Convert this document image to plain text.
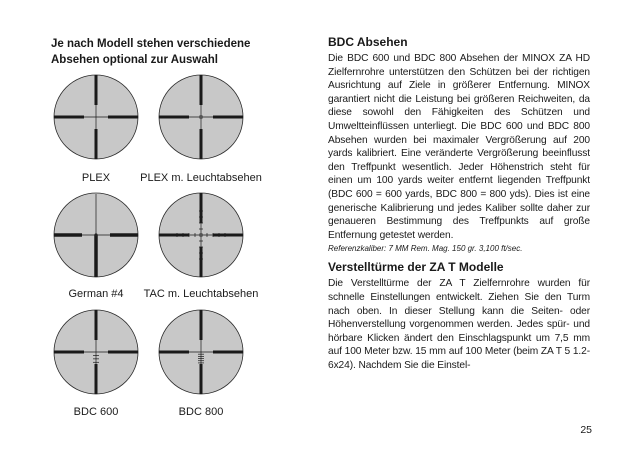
Je nach Modell stehen verschiedene Absehen optional zur Auswahl
PLEX	PLEX m. Leuchtabsehen
German #4	TAC m. Leuchtabsehen
BDC 600	BDC 800
BDC Absehen

Die BDC 600 und BDC 800 Absehen der MINOX ZA HD Zielfernrohre unterstützen den Schützen bei der richtigen Ausrichtung auf Ziele in größerer Entfernung. MINOX garantiert nicht die Leistung bei größeren Reichweiten, da diese sowohl den Fähigkeiten des Schützen und Umweltteinflüssen unterliegt. Die BDC 600 und BDC 800 Absehen wurden bei maximaler Vergrößerung auf 200 yards kalibriert. Eine veränderte Vergrößerung beeinflusst den Treffpunkt wesentlich. Jeder Höhenstrich steht für einen um 100 yards weiter entfernt liegenden Treffpunkt (BDC 600 = 600 yards, BDC 800 = 800 yds). Dies ist eine generische Kalibrierung und jedes Kaliber sollte daher zur genaueren Bestimmung des Treffpunkts auf große Entfernung getestet werden.

Referenzkaliber: 7 MM Rem. Mag. 150 gr. 3,100 ft/sec.
Verstelltürme der ZA T Modelle

Die Verstelltürme der ZA T Zielfernrohre wurden für schnelle Einstellungen entwickelt. Ziehen Sie den Turm nach oben. In dieser Stellung kann die Seiten- oder Höhenverstellung vorgenommen werden. Jedes spür- und hörbare Klicken ändert den Einschlagspunkt um 7,5 mm auf 100 Meter bzw. 15 mm auf 100 Meter (beim ZA T 5 1.2-6x24). Nachdem Sie die Einstel-

25
